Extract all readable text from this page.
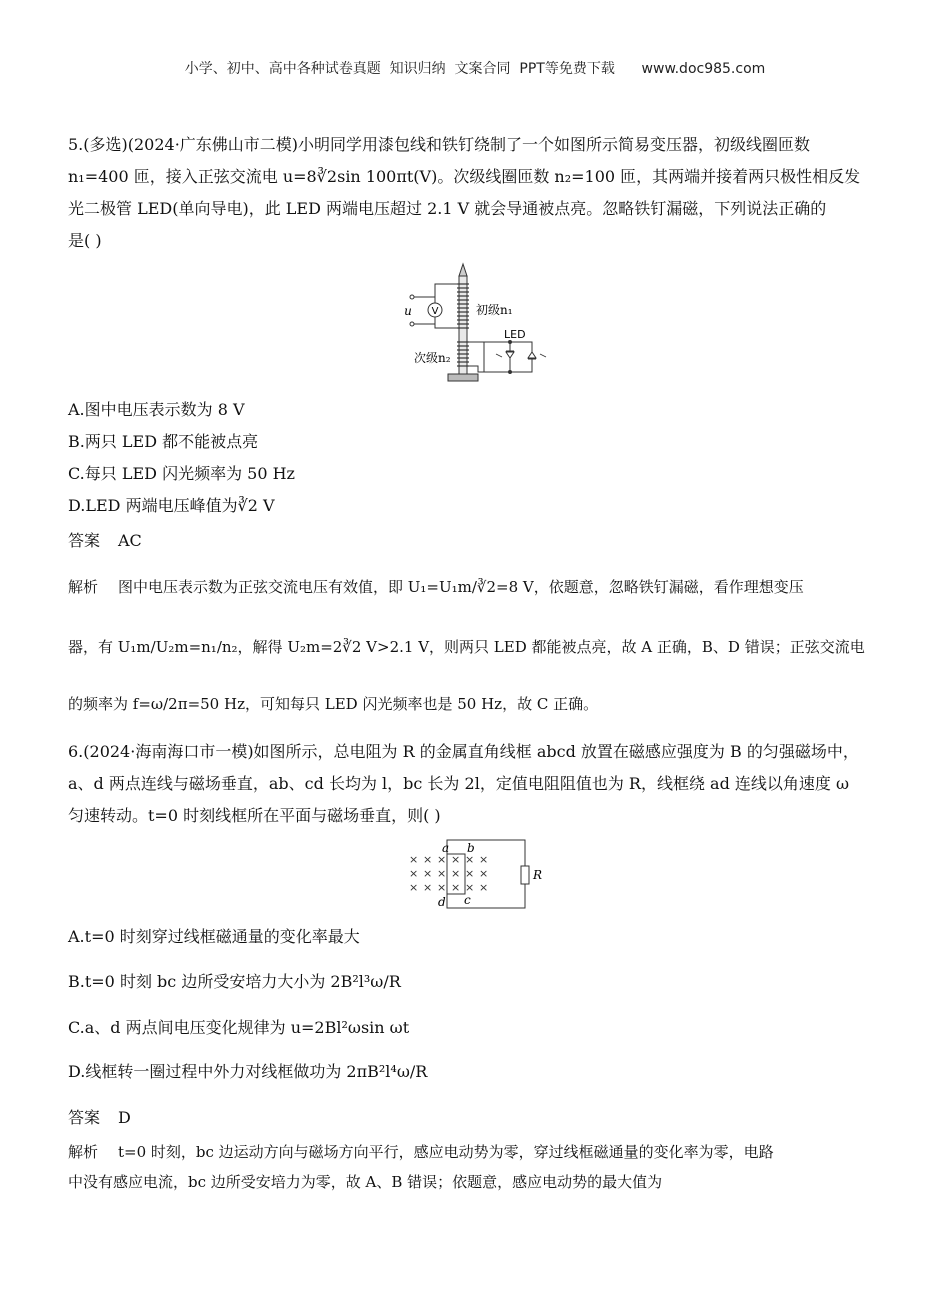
小学、初中、高中各种试卷真题  知识归纳  文案合同  PPT等免费下载      www.doc985.com
5.(多选)(2024·广东佛山市二模)小明同学用漆包线和铁钉绕制了一个如图所示简易变压器，初级线圈匝数
n₁=400 匝，接入正弦交流电 u=8∛2sin 100πt(V)。次级线圈匝数 n₂=100 匝，其两端并接着两只极性相反发
光二极管 LED(单向导电)，此 LED 两端电压超过 2.1 V 就会导通被点亮。忽略铁钉漏磁，下列说法正确的
是( )
V
u	初级n₁
LED
次级n₂
A.图中电压表示数为 8 V
B.两只 LED 都不能被点亮
C.每只 LED 闪光频率为 50 Hz
D.LED 两端电压峰值为∛2 V
答案 AC
解析 图中电压表示数为正弦交流电压有效值，即 U₁=U₁m/∛2=8 V，依题意，忽略铁钉漏磁，看作理想变压
器，有 U₁m/U₂m=n₁/n₂，解得 U₂m=2∛2 V>2.1 V，则两只 LED 都能被点亮，故 A 正确，B、D 错误；正弦交流电
的频率为 f=ω/2π=50 Hz，可知每只 LED 闪光频率也是 50 Hz，故 C 正确。
6.(2024·海南海口市一模)如图所示，总电阻为 R 的金属直角线框 abcd 放置在磁感应强度为 B 的匀强磁场中，
a、d 两点连线与磁场垂直，ab、cd 长均为 l，bc 长为 2l，定值电阻阻值也为 R，线框绕 ad 连线以角速度 ω
匀速转动。t=0 时刻线框所在平面与磁场垂直，则( )
× × × × × ×
× × × × × ×
× × × × × ×
a b
c
d
R
A.t=0 时刻穿过线框磁通量的变化率最大
B.t=0 时刻 bc 边所受安培力大小为 2B²l³ω/R
C.a、d 两点间电压变化规律为 u=2Bl²ωsin ωt
D.线框转一圈过程中外力对线框做功为 2πB²l⁴ω/R
答案 D
解析 t=0 时刻，bc 边运动方向与磁场方向平行，感应电动势为零，穿过线框磁通量的变化率为零，电路
中没有感应电流，bc 边所受安培力为零，故 A、B 错误；依题意，感应电动势的最大值为
